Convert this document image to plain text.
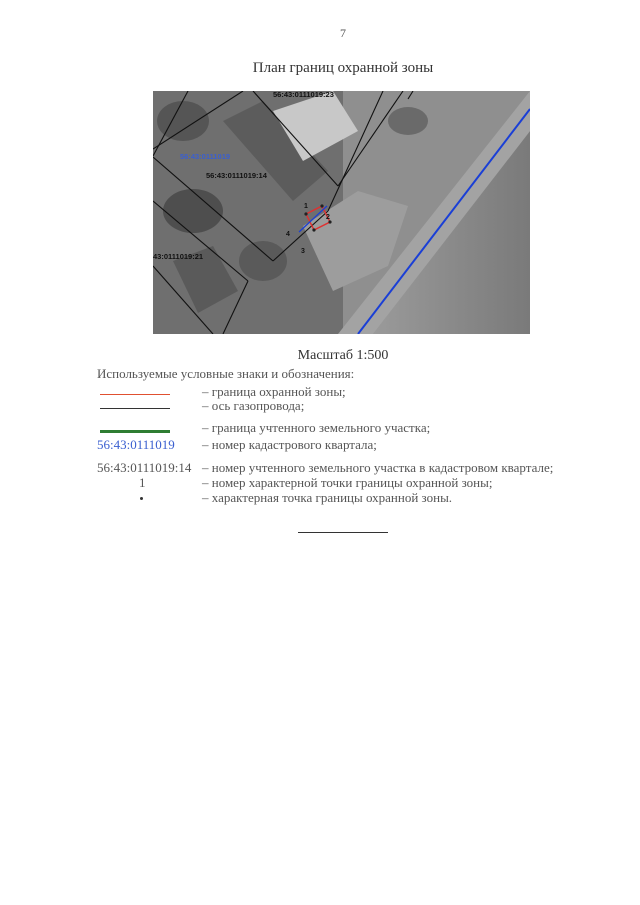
7
План границ охранной зоны
1
2
3
4
56:43:0111019:23
56:43:0111019
56:43:0111019:14
43:0111019:21
Масштаб 1:500
Используемые условные знаки и обозначения:
– граница охранной зоны;
– ось газопровода;
– граница учтенного земельного участка;
56:43:0111019 – номер кадастрового квартала;
56:43:0111019:14 – номер учтенного земельного участка в кадастровом квартале;
1	– номер характерной точки границы охранной зоны;
– характерная точка границы охранной зоны.
